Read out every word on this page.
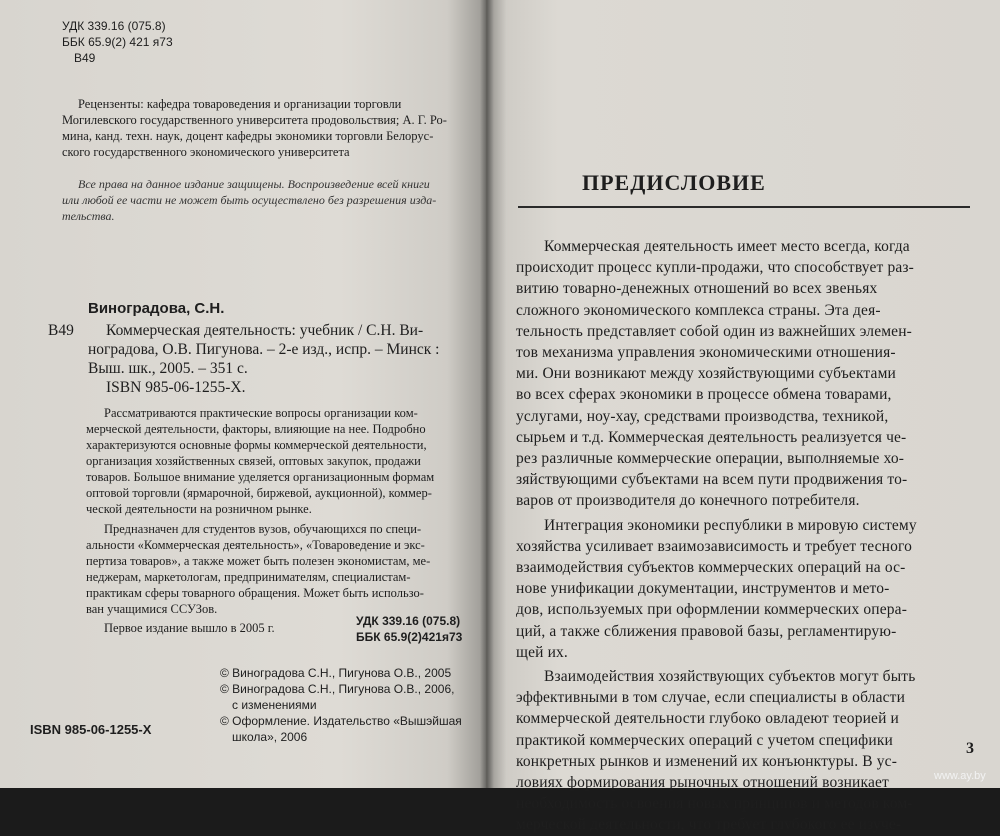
УДК 339.16 (075.8)
ББК 65.9(2) 421 я73
В49
Рецензенты: кафедра товароведения и организации торговли
Могилевского государственного университета продовольствия; А. Г. Ро-
мина, канд. техн. наук, доцент кафедры экономики торговли Белорус-
ского государственного экономического университета
Все права на данное издание защищены. Воспроизведение всей книги
или любой ее части не может быть осуществлено без разрешения изда-
тельства.
Виноградова, С.Н.
В49 Коммерческая деятельность: учебник / С.Н. Ви-
ноградова, О.В. Пигунова. – 2-е изд., испр. – Минск :
Выш. шк., 2005. – 351 с.
ISBN 985-06-1255-Х.
Рассматриваются практические вопросы организации ком-
мерческой деятельности, факторы, влияющие на нее. Подробно
характеризуются основные формы коммерческой деятельности,
организация хозяйственных связей, оптовых закупок, продажи
товаров. Большое внимание уделяется организационным формам
оптовой торговли (ярмарочной, биржевой, аукционной), коммер-
ческой деятельности на розничном рынке.
Предназначен для студентов вузов, обучающихся по специ-
альности «Коммерческая деятельность», «Товароведение и экс-
пертиза товаров», а также может быть полезен экономистам, ме-
неджерам, маркетологам, предпринимателям, специалистам-
практикам сферы товарного обращения. Может быть использо-
ван учащимися ССУЗов.
Первое издание вышло в 2005 г.	УДК 339.16 (075.8)
ББК 65.9(2)421я73
© Виноградова С.Н., Пигунова О.В., 2005
© Виноградова С.Н., Пигунова О.В., 2006,
с изменениями
© Оформление. Издательство «Вышэйшая
школа», 2006
ISBN 985-06-1255-X
ПРЕДИСЛОВИЕ
Коммерческая деятельность имеет место всегда, когда
происходит процесс купли-продажи, что способствует раз-
витию товарно-денежных отношений во всех звеньях
сложного экономического комплекса страны. Эта дея-
тельность представляет собой один из важнейших элемен-
тов механизма управления экономическими отношения-
ми. Они возникают между хозяйствующими субъектами
во всех сферах экономики в процессе обмена товарами,
услугами, ноу-хау, средствами производства, техникой,
сырьем и т.д. Коммерческая деятельность реализуется че-
рез различные коммерческие операции, выполняемые хо-
зяйствующими субъектами на всем пути продвижения то-
варов от производителя до конечного потребителя.
Интеграция экономики республики в мировую систему
хозяйства усиливает взаимозависимость и требует тесного
взаимодействия субъектов коммерческих операций на ос-
нове унификации документации, инструментов и мето-
дов, используемых при оформлении коммерческих опера-
ций, а также сближения правовой базы, регламентирую-
щей их.
Взаимодействия хозяйствующих субъектов могут быть
эффективными в том случае, если специалисты в области
коммерческой деятельности глубоко овладеют теорией и
практикой коммерческих операций с учетом специфики
конкретных рынков и изменений их конъюнктуры. В ус-
ловиях формирования рыночных отношений возникает
необходимость освоения новых принципов и методов ком-
мерческой деятельности, что требует глубокого ее изуче-
3
www.ay.by
